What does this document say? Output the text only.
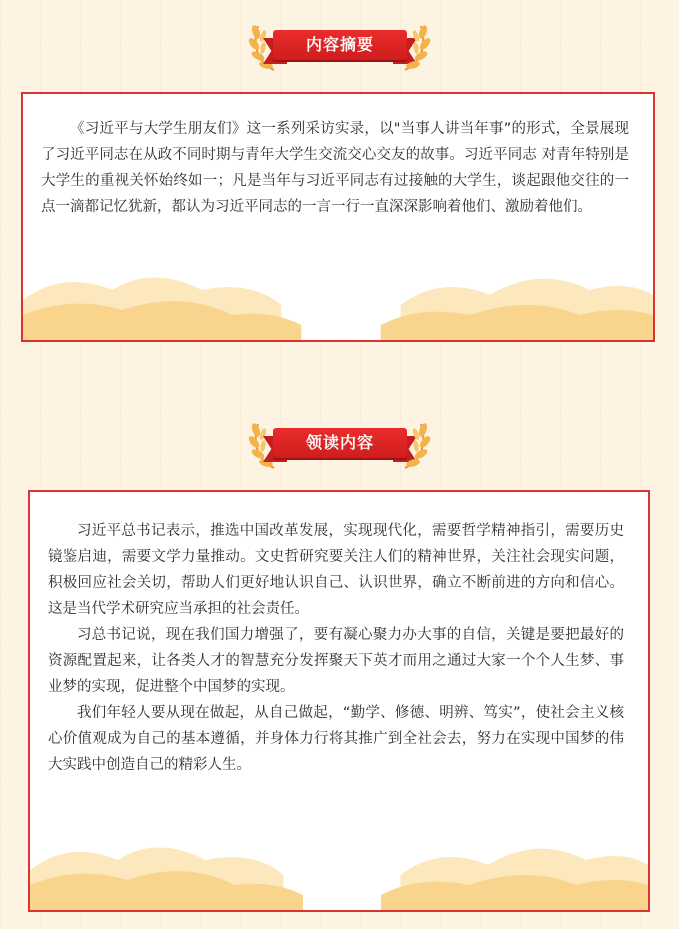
内容摘要

《习近平与大学生朋友们》这一系列采访实录，以"当事人讲当年事”的形式，全景展现了习近平同志在从政不同时期与青年大学生交流交心交友的故事。习近平同志 对青年特别是大学生的重视关怀始终如一；凡是当年与习近平同志有过接触的大学生，谈起跟他交往的一点一滴都记忆犹新，都认为习近平同志的一言一行一直深深影响着他们、激励着他们。

领读内容

习近平总书记表示，推选中国改革发展，实现现代化，需要哲学精神指引，需要历史镜鉴启迪，需要文学力量推动。文史哲研究要关注人们的精神世界，关注社会现实问题，积极回应社会关切，帮助人们更好地认识自己、认识世界，确立不断前进的方向和信心。这是当代学术研究应当承担的社会责任。

习总书记说，现在我们国力增强了，要有凝心聚力办大事的自信，关键是要把最好的资源配置起来，让各类人才的智慧充分发挥聚天下英才而用之通过大家一个个人生梦、事业梦的实现，促进整个中国梦的实现。

我们年轻人要从现在做起，从自己做起，“勤学、修德、明辨、笃实”，使社会主义核心价值观成为自己的基本遵循，并身体力行将其推广到全社会去，努力在实现中国梦的伟大实践中创造自己的精彩人生。
